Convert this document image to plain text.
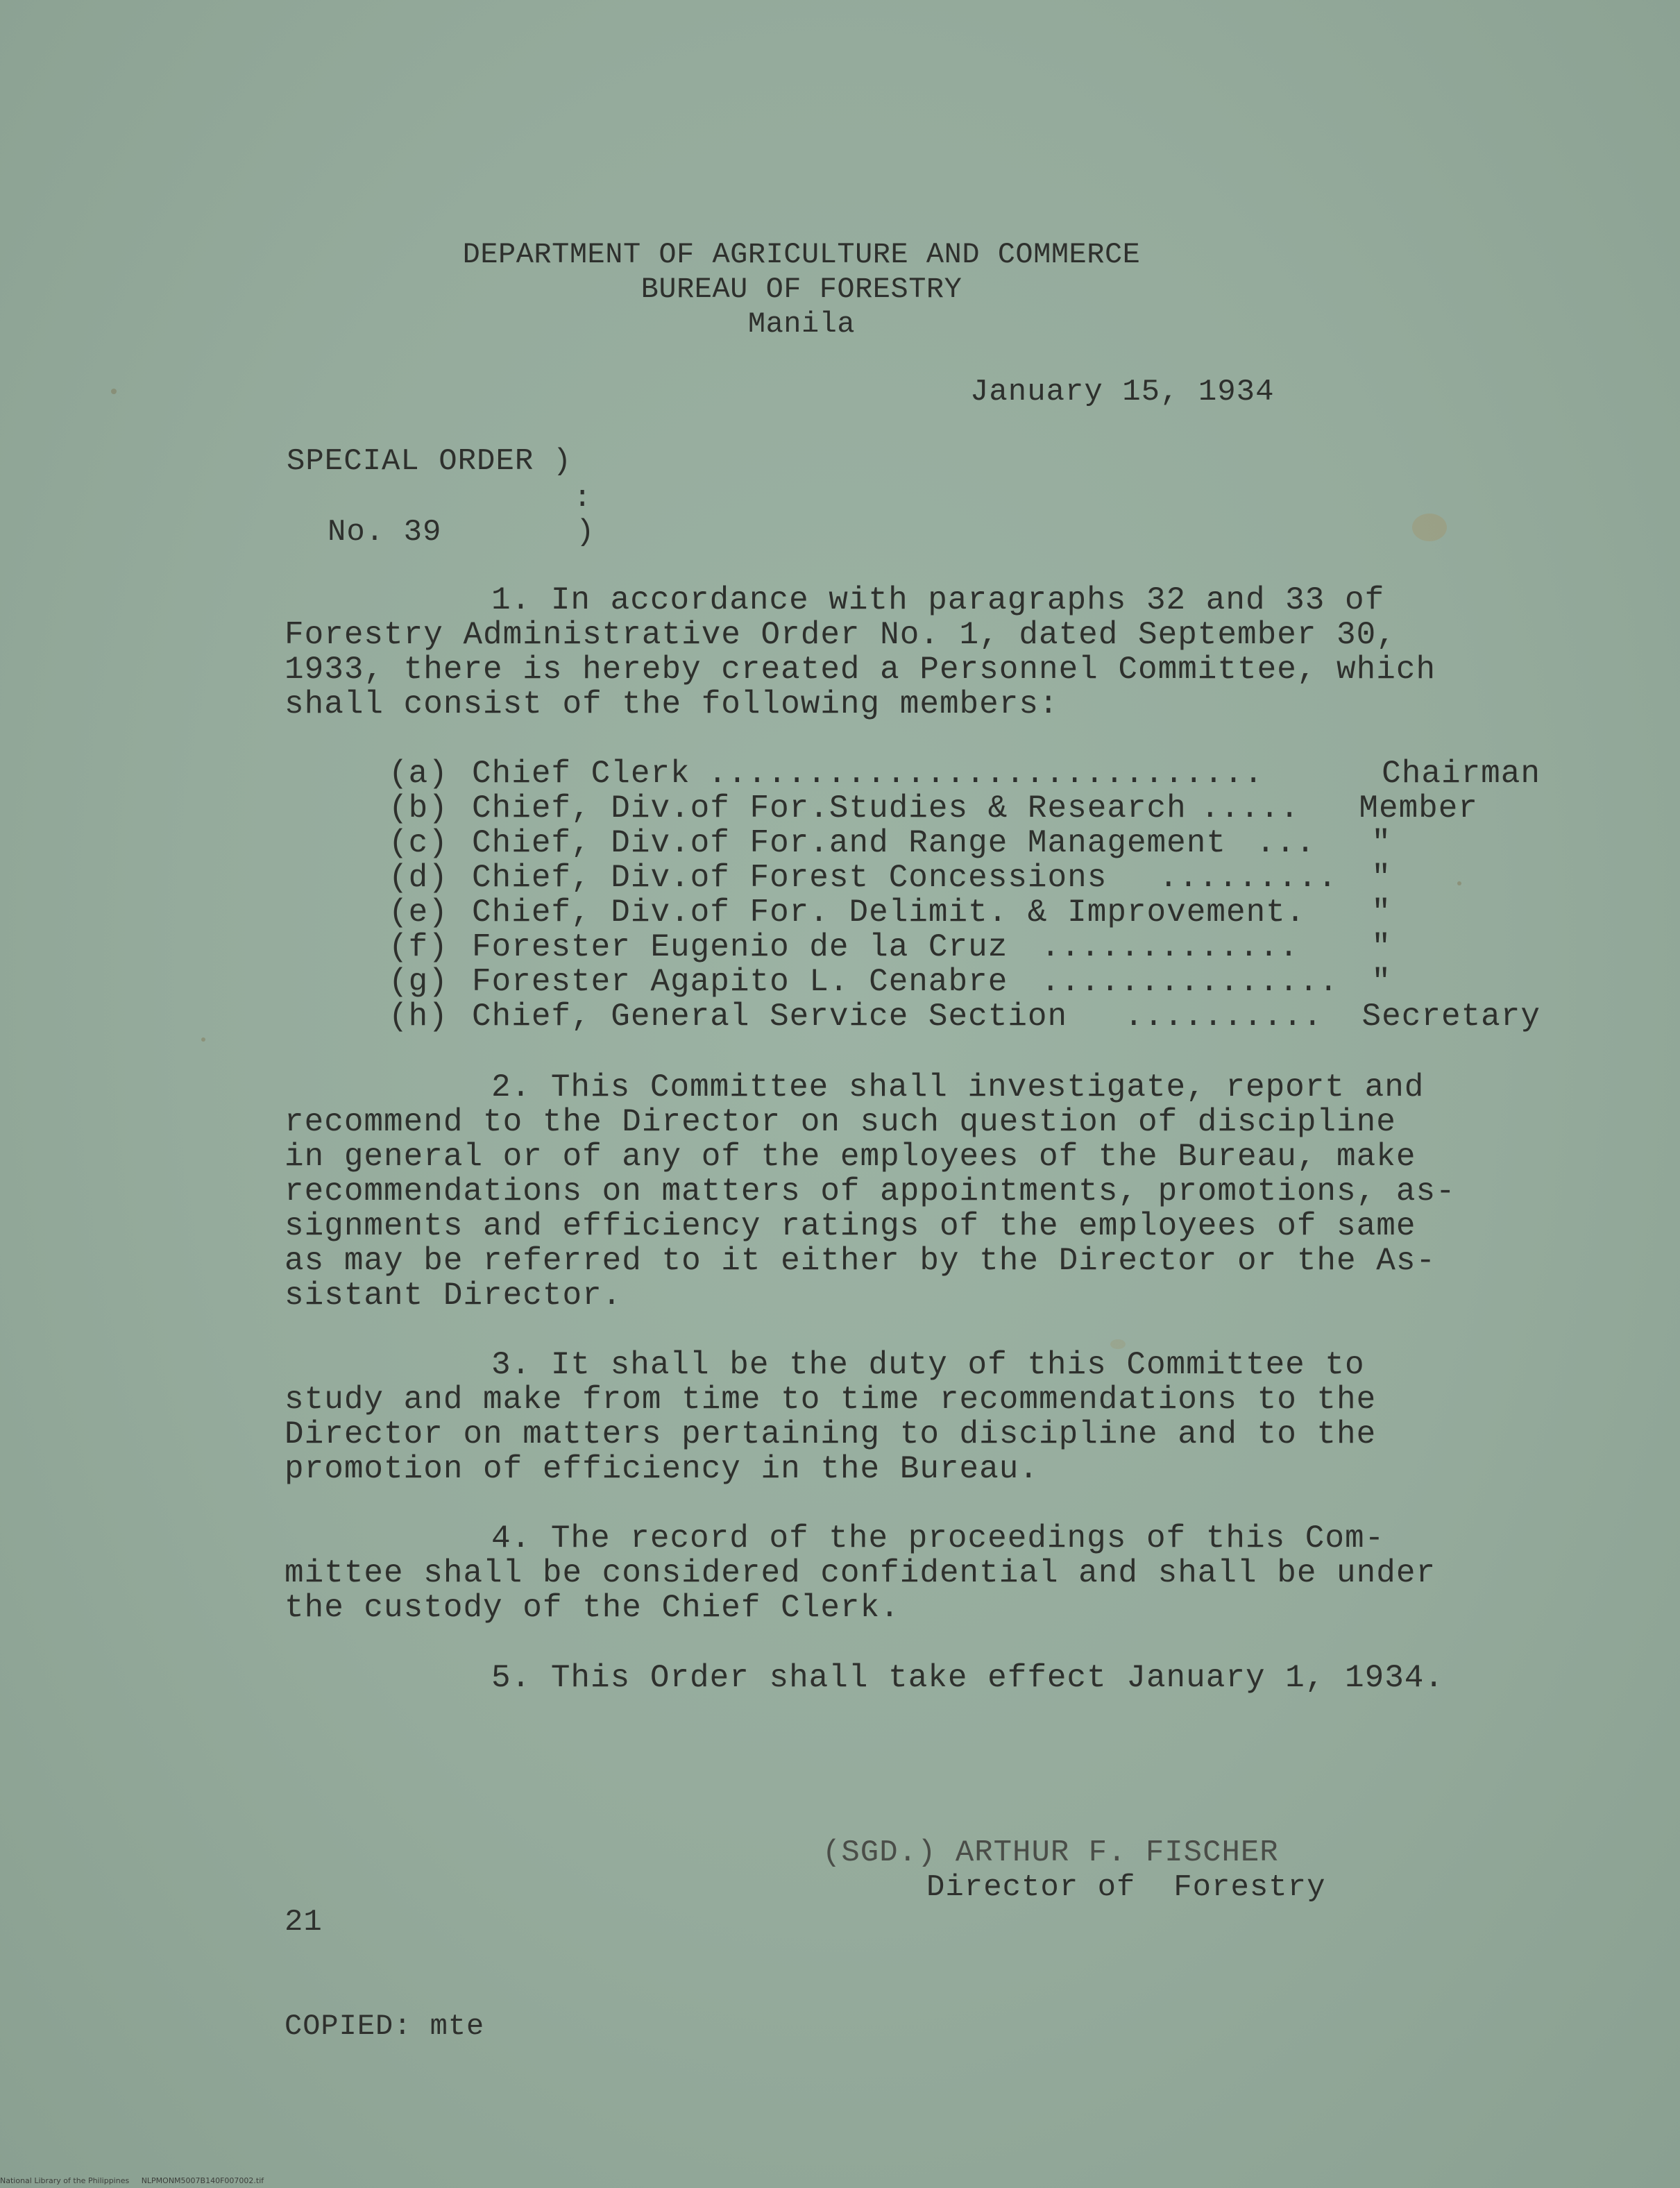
DEPARTMENT OF AGRICULTURE AND COMMERCE
BUREAU OF FORESTRY
Manila
January 15, 1934
SPECIAL ORDER )
:
No. 39	)
1. In accordance with paragraphs 32 and 33 of
Forestry Administrative Order No. 1, dated September 30,
1933, there is hereby created a Personnel Committee, which
shall consist of the following members:
(a) Chief Clerk ............................	Chairman
(b) Chief, Div.of For.Studies & Research ..... Member
(c) Chief, Div.of For.and Range Management ... "
(d) Chief, Div.of Forest Concessions ......... "
(e) Chief, Div.of For. Delimit. & Improvement. "
(f) Forester Eugenio de la Cruz ............. "
(g) Forester Agapito L. Cenabre ............... "
(h) Chief, General Service Section .......... Secretary
2. This Committee shall investigate, report and
recommend to the Director on such question of discipline
in general or of any of the employees of the Bureau, make
recommendations on matters of appointments, promotions, as-
signments and efficiency ratings of the employees of same
as may be referred to it either by the Director or the As-
sistant Director.
3. It shall be the duty of this Committee to
study and make from time to time recommendations to the
Director on matters pertaining to discipline and to the
promotion of efficiency in the Bureau.
4. The record of the proceedings of this Com-
mittee shall be considered confidential and shall be under
the custody of the Chief Clerk.
5. This Order shall take effect January 1, 1934.
(SGD.) ARTHUR F. FISCHER
Director of  Forestry
21
COPIED: mte
National Library of the Philippines     NLPMONM5007B140F007002.tif
